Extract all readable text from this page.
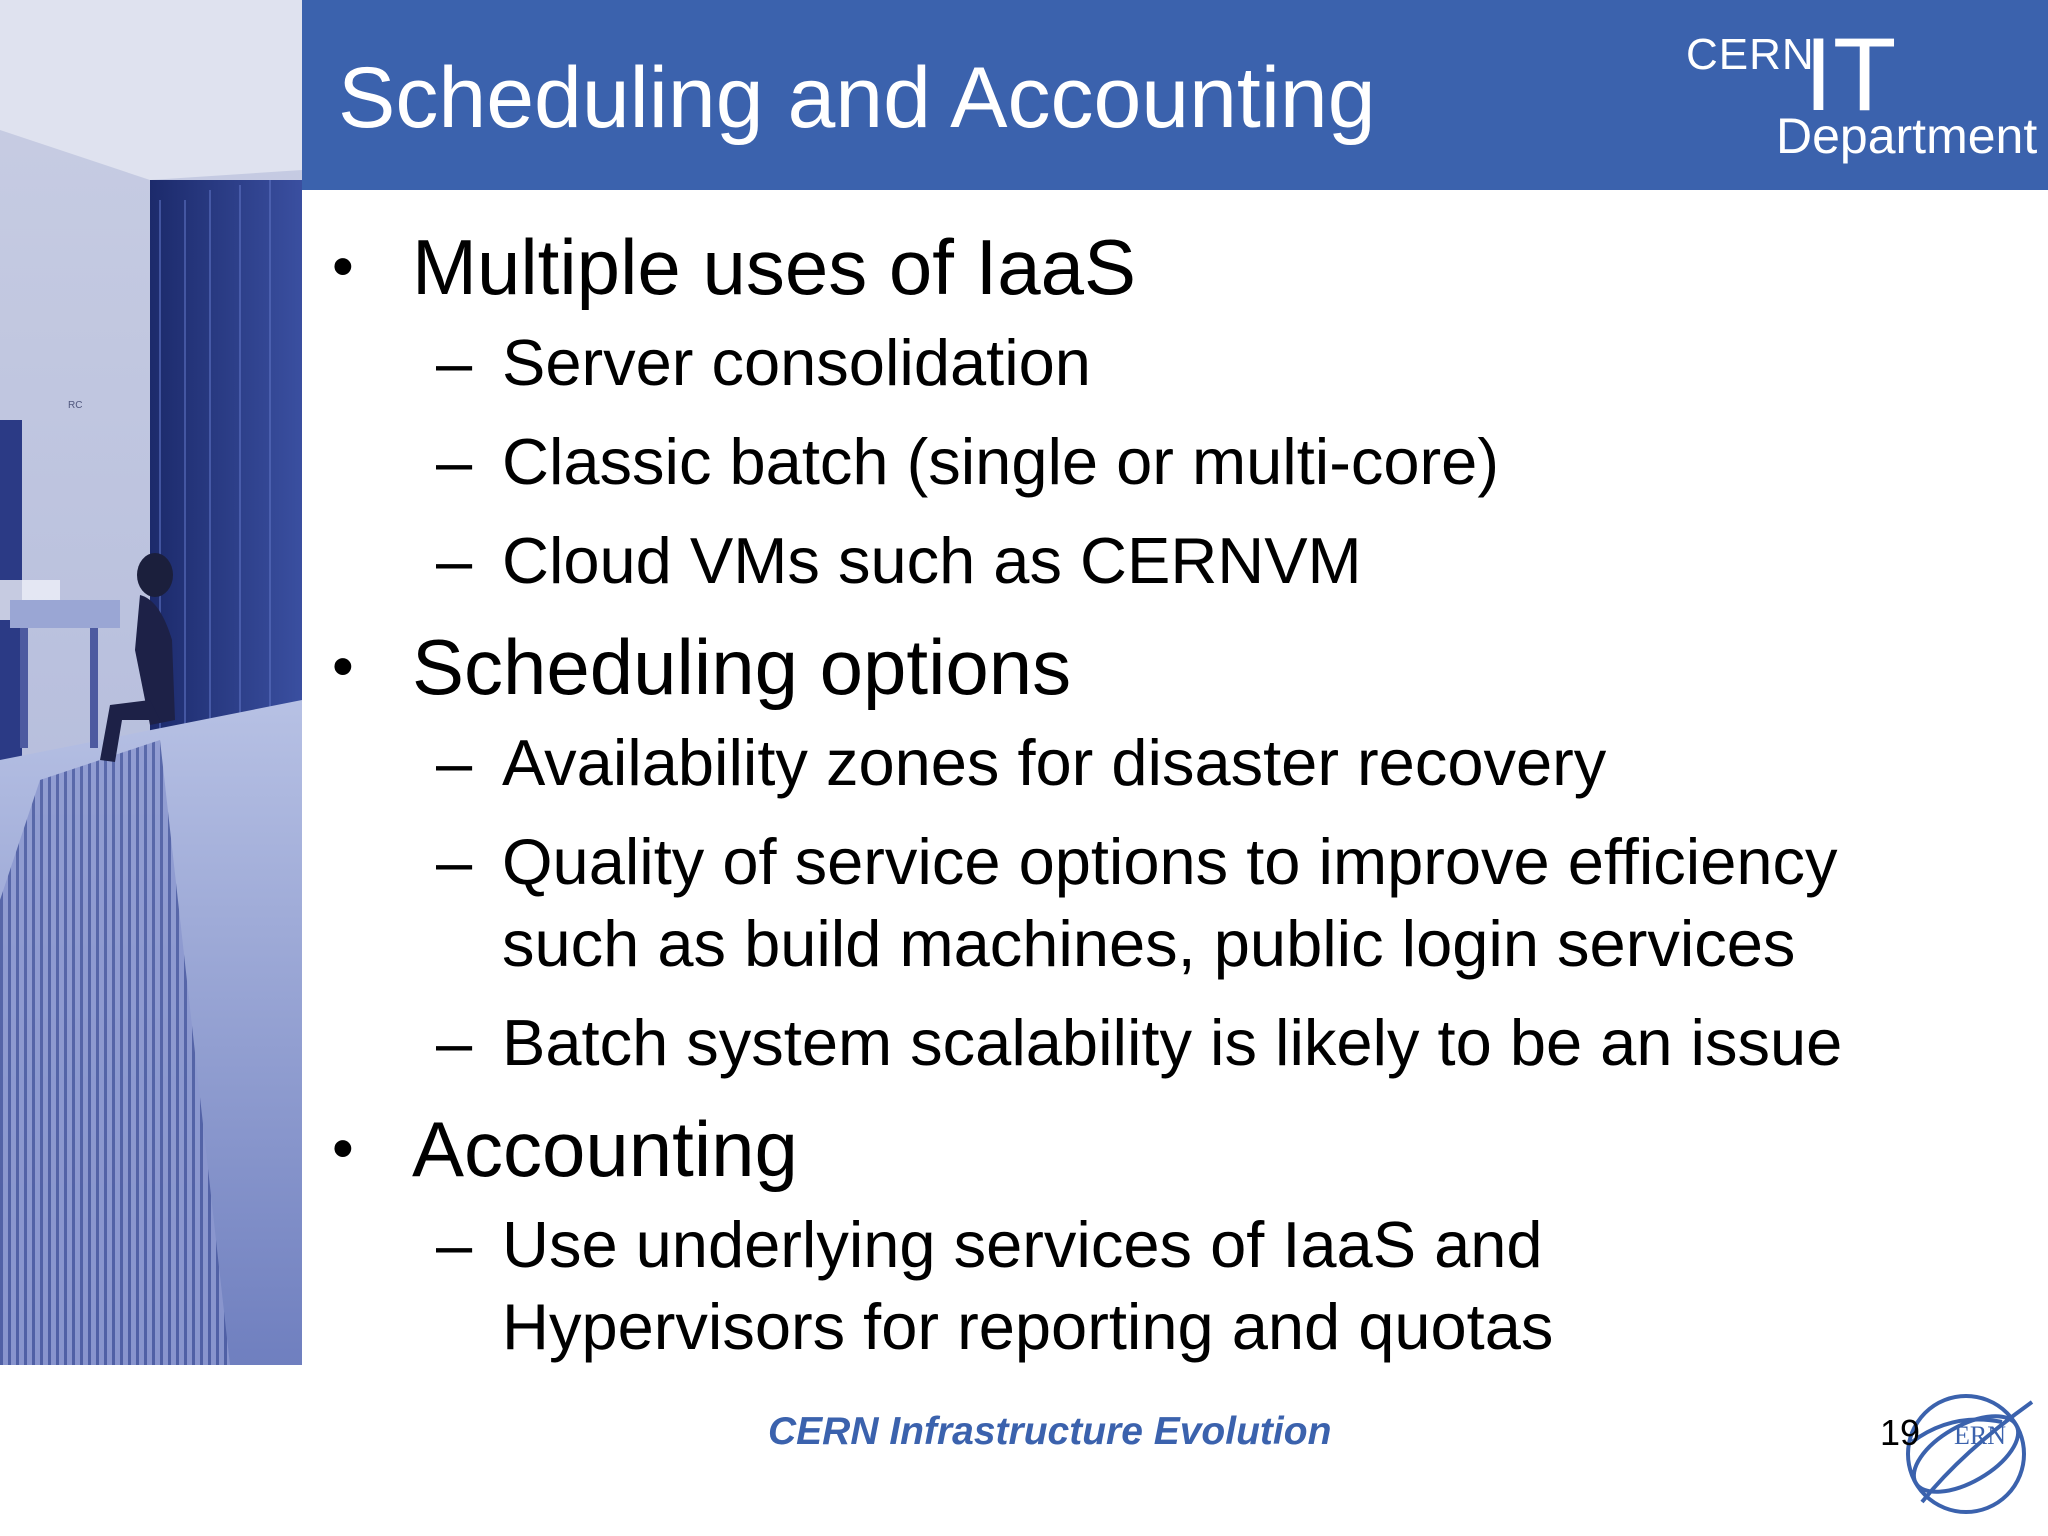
RC
Scheduling and Accounting	CERN
IT
Department
• Multiple uses of IaaS
– Server consolidation
– Classic batch (single or multi-core)
– Cloud VMs such as CERNVM
• Scheduling options
– Availability zones for disaster recovery
– Quality of service options to improve efficiency
such as build machines, public login services
– Batch system scalability is likely to be an issue
• Accounting
– Use underlying services of IaaS and
Hypervisors for reporting and quotas
CERN Infrastructure Evolution	ERN
19
